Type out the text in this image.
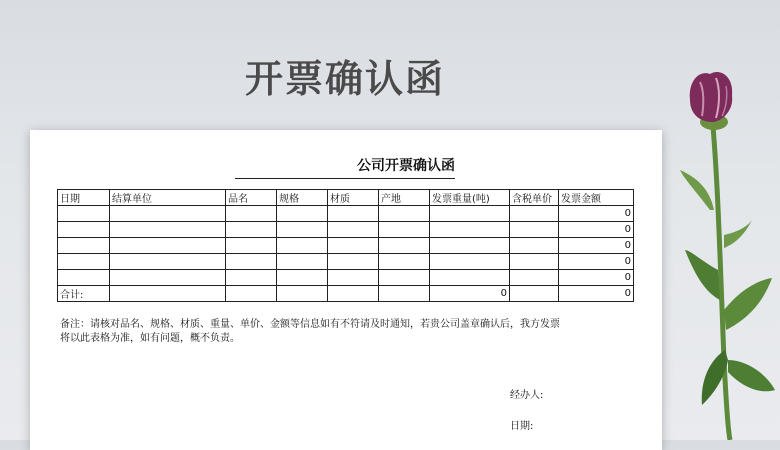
开票确认函
公司开票确认函
日期	结算单位	品名	规格	材质	产地	发票重量(吨)	含税单价	发票金额
								0
								0
								0
								0
								0
合计:						0		0
备注：请核对品名、规格、材质、重量、单价、金额等信息如有不符请及时通知，若贵公司盖章确认后，我方发票
将以此表格为准，如有问题，概不负责。
经办人:
日期:
